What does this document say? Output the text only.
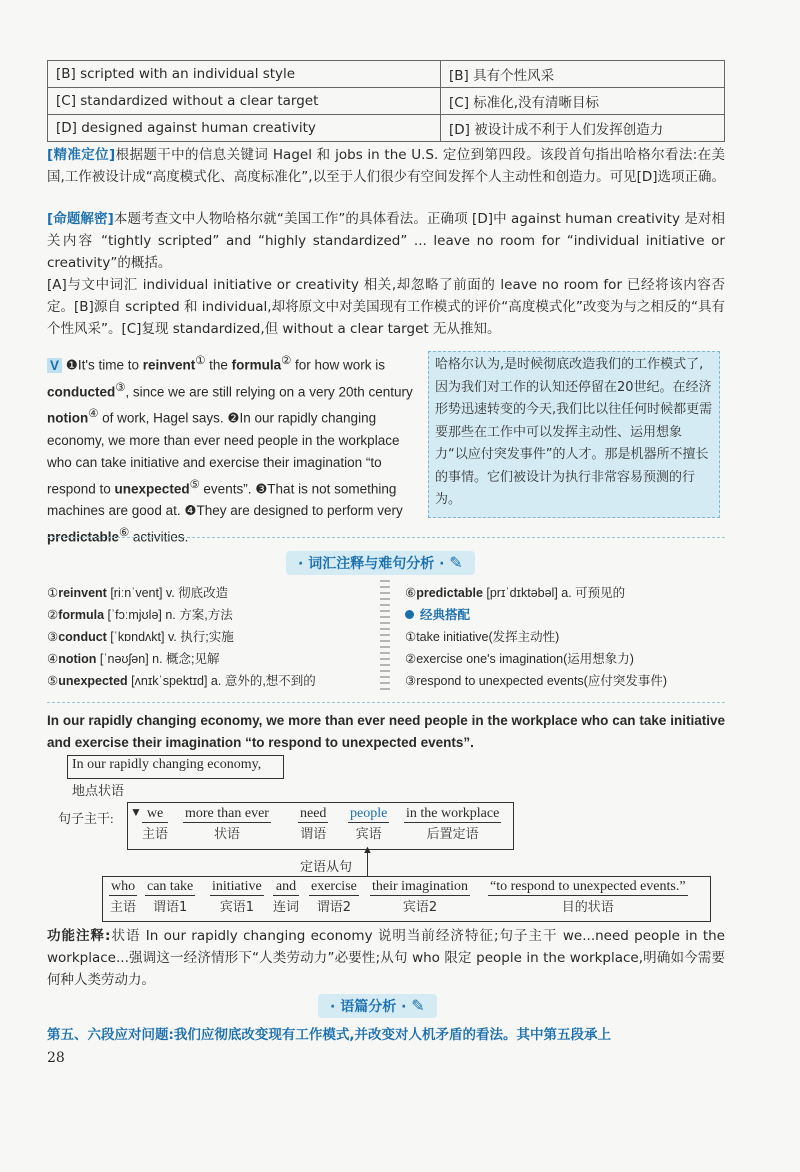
[B] scripted with an individual style	[B] 具有个性风采
[C] standardized without a clear target	[C] 标准化,没有清晰目标
[D] designed against human creativity	[D] 被设计成不利于人们发挥创造力
[精准定位]根据题干中的信息关键词 Hagel 和 jobs in the U.S. 定位到第四段。该段首句指出哈格尔看法:在美国,工作被设计成“高度模式化、高度标准化”,以至于人们很少有空间发挥个人主动性和创造力。可见[D]选项正确。
[命题解密]本题考查文中人物哈格尔就“美国工作”的具体看法。正确项 [D]中 against human creativity 是对相关内容 “tightly scripted” and “highly standardized” ... leave no room for “individual initiative or creativity”的概括。
[A]与文中词汇 individual initiative or creativity 相关,却忽略了前面的 leave no room for 已经将该内容否定。[B]源自 scripted 和 individual,却将原文中对美国现有工作模式的评价“高度模式化”改变为与之相反的“具有个性风采”。[C]复现 standardized,但 without a clear target 无从推知。
V ❶It's time to reinvent① the formula② for how work is conducted③, since we are still relying on a very 20th century notion④ of work, Hagel says. ❷In our rapidly changing economy, we more than ever need people in the workplace who can take initiative and exercise their imagination “to respond to unexpected⑤ events”. ❸That is not something machines are good at. ❹They are designed to perform very predictable⑥ activities.
哈格尔认为,是时候彻底改造我们的工作模式了,因为我们对工作的认知还停留在20世纪。在经济形势迅速转变的今天,我们比以往任何时候都更需要那些在工作中可以发挥主动性、运用想象力“以应付突发事件”的人才。那是机器所不擅长的事情。它们被设计为执行非常容易预测的行为。
· 词汇注释与难句分析 · ✎
①reinvent [riːnˈvent] v. 彻底改造
②formula [ˈfɔːmjʊlə] n. 方案,方法
③conduct [ˈkɒndʌkt] v. 执行;实施
④notion [ˈnəʊʃən] n. 概念;见解
⑤unexpected [ʌnɪkˈspektɪd] a. 意外的,想不到的
⑥predictable [prɪˈdɪktəbəl] a. 可预见的
经典搭配
①take initiative(发挥主动性)
②exercise one's imagination(运用想象力)
③respond to unexpected events(应付突发事件)
In our rapidly changing economy, we more than ever need people in the workplace who can take initiative and exercise their imagination “to respond to unexpected events”.
In our rapidly changing economy,
地点状语
句子主干: ▼ we
主语
more than ever
状语
need
谓语
people
宾语
in the workplace
后置定语
定语从句
▲
who
主语
can take
谓语1
initiative
宾语1
and
连词
exercise
谓语2
their imagination
宾语2
“to respond to unexpected events.”
目的状语
功能注释:状语 In our rapidly changing economy 说明当前经济特征;句子主干 we...need people in the workplace...强调这一经济情形下“人类劳动力”必要性;从句 who 限定 people in the workplace,明确如今需要何种人类劳动力。
· 语篇分析 · ✎
第五、六段应对问题:我们应彻底改变现有工作模式,并改变对人机矛盾的看法。其中第五段承上
28
